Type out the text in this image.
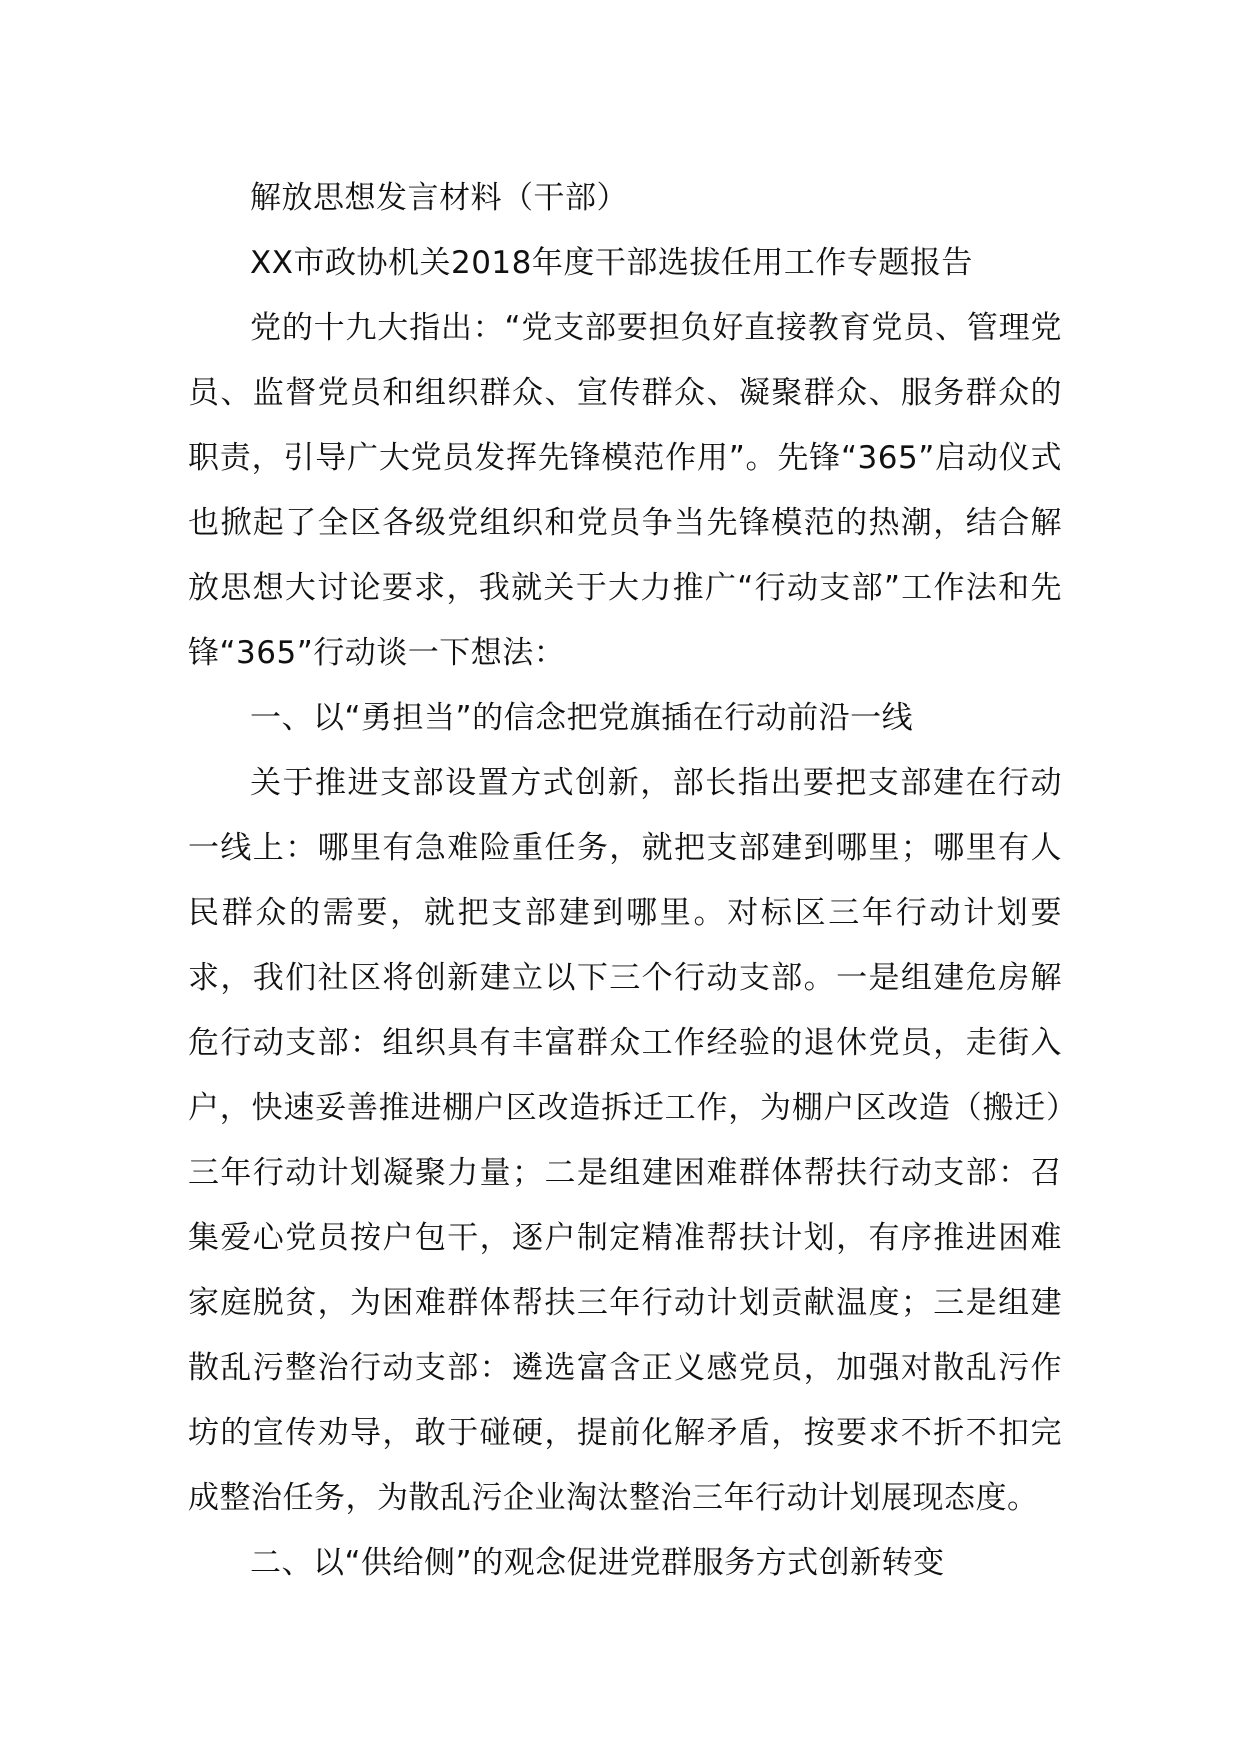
解放思想发言材料（干部）

XX市政协机关2018年度干部选拔任用工作专题报告

党的十九大指出：“党支部要担负好直接教育党员、管理党员、监督党员和组织群众、宣传群众、凝聚群众、服务群众的职责，引导广大党员发挥先锋模范作用”。先锋“365”启动仪式也掀起了全区各级党组织和党员争当先锋模范的热潮，结合解放思想大讨论要求，我就关于大力推广“行动支部”工作法和先锋“365”行动谈一下想法：

一、以“勇担当”的信念把党旗插在行动前沿一线

关于推进支部设置方式创新，部长指出要把支部建在行动一线上：哪里有急难险重任务，就把支部建到哪里；哪里有人民群众的需要，就把支部建到哪里。对标区三年行动计划要求，我们社区将创新建立以下三个行动支部。一是组建危房解危行动支部：组织具有丰富群众工作经验的退休党员，走街入户，快速妥善推进棚户区改造拆迁工作，为棚户区改造（搬迁）三年行动计划凝聚力量；二是组建困难群体帮扶行动支部：召集爱心党员按户包干，逐户制定精准帮扶计划，有序推进困难家庭脱贫，为困难群体帮扶三年行动计划贡献温度；三是组建散乱污整治行动支部：遴选富含正义感党员，加强对散乱污作坊的宣传劝导，敢于碰硬，提前化解矛盾，按要求不折不扣完成整治任务，为散乱污企业淘汰整治三年行动计划展现态度。

二、以“供给侧”的观念促进党群服务方式创新转变
